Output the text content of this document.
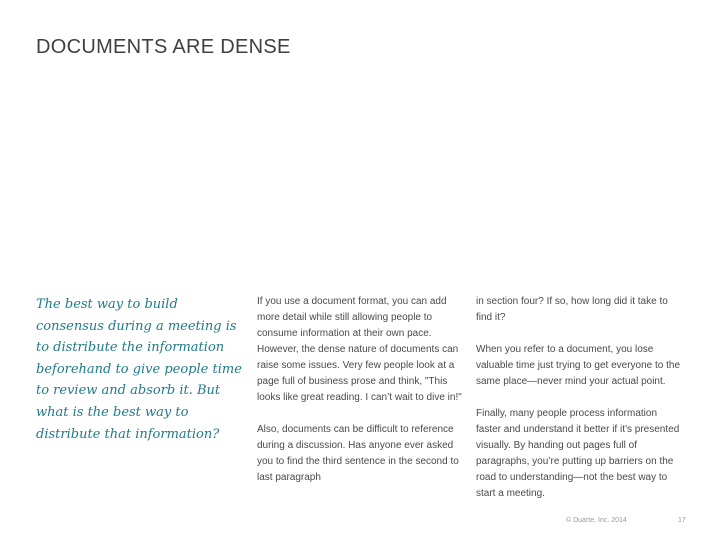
DOCUMENTS ARE DENSE
The best way to build consensus during a meeting is to distribute the information beforehand to give people time to review and absorb it. But what is the best way to distribute that information?

If you use a document format, you can add more detail while still allowing people to consume information at their own pace. However, the dense nature of documents can raise some issues. Very few people look at a page full of business prose and think, "This looks like great reading. I can’t wait to dive in!"

Also, documents can be difficult to reference during a discussion. Has anyone ever asked you to find the third sentence in the second to last paragraph

in section four? If so, how long did it take to find it?

When you refer to a document, you lose valuable time just trying to get everyone to the same place—never mind your actual point.

Finally, many people process information faster and understand it better if it’s presented visually. By handing out pages full of paragraphs, you’re putting up barriers on the road to understanding—not the best way to start a meeting.

© Duarte, Inc. 2014	17
